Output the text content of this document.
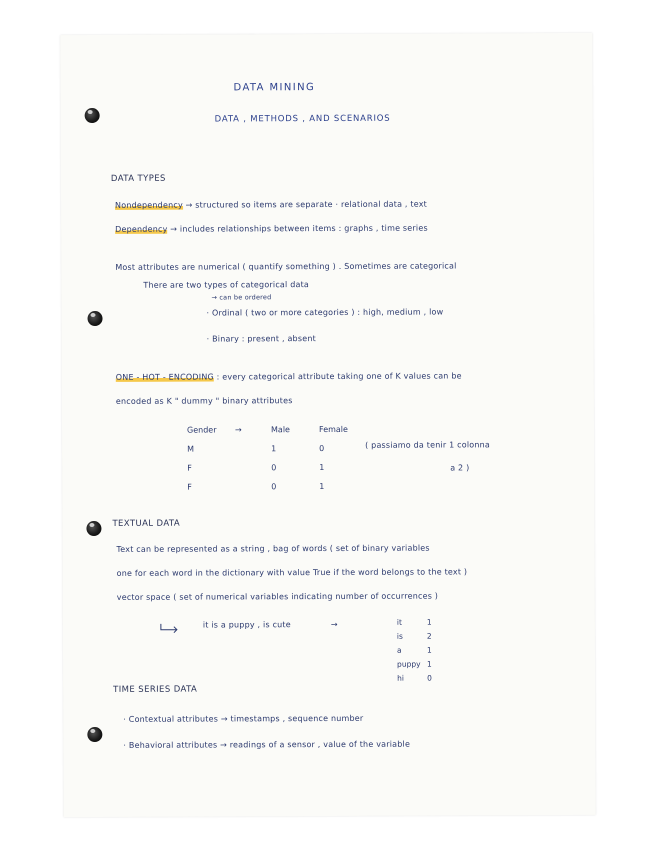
DATA MINING
DATA , METHODS , AND SCENARIOS
DATA TYPES
Nondependency → structured so items are separate · relational data , text
Dependency → includes relationships between items : graphs , time series
Most attributes are numerical ( quantify something ) . Sometimes are categorical
There are two types of categorical data
→ can be ordered
· Ordinal ( two or more categories ) : high, medium , low
· Binary : present , absent
ONE - HOT - ENCODING : every categorical attribute taking one of K values can be
encoded as K " dummy " binary attributes
Gender	→	Male	Female
M	1	0
F	0	1
F	0	1
( passiamo da tenir 1 colonna
a 2 )
TEXTUAL DATA
Text can be represented as a string , bag of words ( set of binary variables
one for each word in the dictionary with value True if the word belongs to the text )
vector space ( set of numerical variables indicating number of occurrences )
it is a puppy , is cute	→	it	1
is	2
a	1
puppy 1
hi	0
TIME SERIES DATA
· Contextual attributes → timestamps , sequence number
· Behavioral attributes → readings of a sensor , value of the variable
